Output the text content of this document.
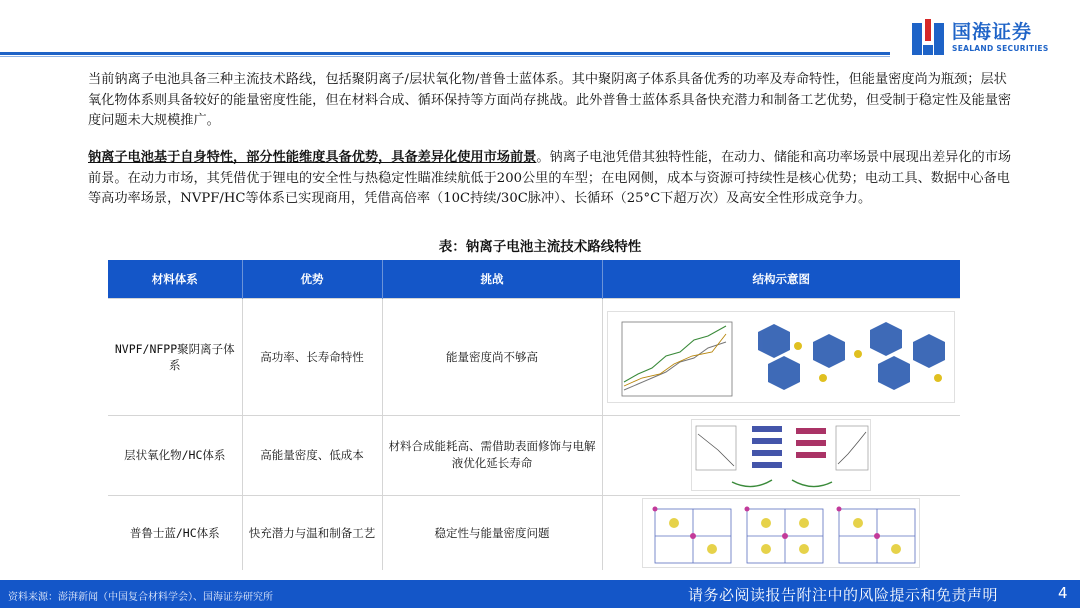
国海证券
SEALAND SECURITIES

当前钠离子电池具备三种主流技术路线，包括聚阴离子/层状氧化物/普鲁士蓝体系。其中聚阴离子体系具备优秀的功率及寿命特性，但能量密度尚为瓶颈；层状氧化物体系则具备较好的能量密度性能，但在材料合成、循环保持等方面尚存挑战。此外普鲁士蓝体系具备快充潜力和制备工艺优势，但受制于稳定性及能量密度问题未大规模推广。

钠离子电池基于自身特性，部分性能维度具备优势，具备差异化使用市场前景。钠离子电池凭借其独特性能，在动力、储能和高功率场景中展现出差异化的市场前景。在动力市场，其凭借优于锂电的安全性与热稳定性瞄准续航低于200公里的车型；在电网侧，成本与资源可持续性是核心优势；电动工具、数据中心备电等高功率场景，NVPF/HC等体系已实现商用，凭借高倍率（10C持续/30C脉冲）、长循环（25°C下超万次）及高安全性形成竞争力。

表：钠离子电池主流技术路线特性
材料体系	优势	挑战	结构示意图
NVPF/NFPP聚阴离子体系	高功率、长寿命特性	能量密度尚不够高	

层状氧化物/HC体系	高能量密度、低成本	材料合成能耗高、需借助表面修饰与电解液优化延长寿命	

普鲁士蓝/HC体系	快充潜力与温和制备工艺	稳定性与能量密度问题	
资料来源：澎湃新闻（中国复合材料学会）、国海证券研究所	请务必阅读报告附注中的风险提示和免责声明	4
